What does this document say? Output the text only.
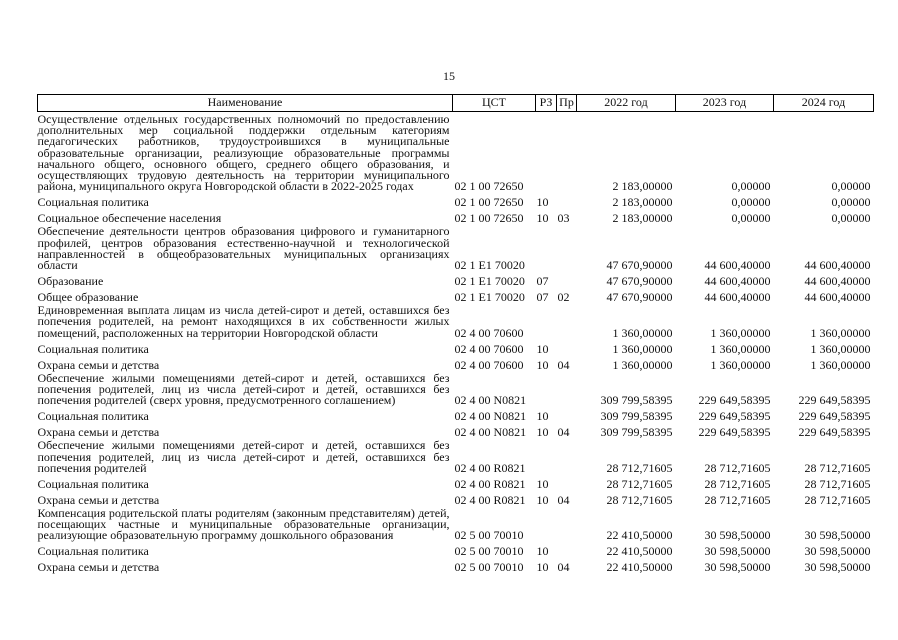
15
Наименование	ЦСТ	РЗ	Пр	2022 год	2023 год	2024 год

Осуществление отдельных государственных полномочий по предоставлению дополнительных мер социальной поддержки отдельным категориям педагогических работников, трудоустроившихся в муниципальные образовательные организации, реализующие образовательные программы начального общего, основного общего, среднего общего образования, и осуществляющих трудовую деятельность на территории муниципального района, муниципального округа Новгородской области в 2022-2025 годах	02 1 00 72650			2 183,00000	0,00000	0,00000

Социальная политика	02 1 00 72650	10		2 183,00000	0,00000	0,00000

Социальное обеспечение населения	02 1 00 72650	10	03	2 183,00000	0,00000	0,00000

Обеспечение деятельности центров образования цифрового и гуманитарного профилей, центров образования естественно-научной и технологической направленностей в общеобразовательных муниципальных организациях области	02 1 E1 70020			47 670,90000	44 600,40000	44 600,40000

Образование	02 1 E1 70020	07		47 670,90000	44 600,40000	44 600,40000

Общее образование	02 1 E1 70020	07	02	47 670,90000	44 600,40000	44 600,40000

Единовременная выплата лицам из числа детей-сирот и детей, оставшихся без попечения родителей, на ремонт находящихся в их собственности жилых помещений, расположенных на территории Новгородской области	02 4 00 70600			1 360,00000	1 360,00000	1 360,00000

Социальная политика	02 4 00 70600	10		1 360,00000	1 360,00000	1 360,00000

Охрана семьи и детства	02 4 00 70600	10	04	1 360,00000	1 360,00000	1 360,00000

Обеспечение жилыми помещениями детей-сирот и детей, оставшихся без попечения родителей, лиц из числа детей-сирот и детей, оставшихся без попечения родителей (сверх уровня, предусмотренного соглашением)	02 4 00 N0821			309 799,58395	229 649,58395	229 649,58395

Социальная политика	02 4 00 N0821	10		309 799,58395	229 649,58395	229 649,58395

Охрана семьи и детства	02 4 00 N0821	10	04	309 799,58395	229 649,58395	229 649,58395

Обеспечение жилыми помещениями детей-сирот и детей, оставшихся без попечения родителей, лиц из числа детей-сирот и детей, оставшихся без попечения родителей	02 4 00 R0821			28 712,71605	28 712,71605	28 712,71605

Социальная политика	02 4 00 R0821	10		28 712,71605	28 712,71605	28 712,71605

Охрана семьи и детства	02 4 00 R0821	10	04	28 712,71605	28 712,71605	28 712,71605

Компенсация родительской платы родителям (законным представителям) детей, посещающих частные и муниципальные образовательные организации, реализующие образовательную программу дошкольного образования	02 5 00 70010			22 410,50000	30 598,50000	30 598,50000

Социальная политика	02 5 00 70010	10		22 410,50000	30 598,50000	30 598,50000

Охрана семьи и детства	02 5 00 70010	10	04	22 410,50000	30 598,50000	30 598,50000
